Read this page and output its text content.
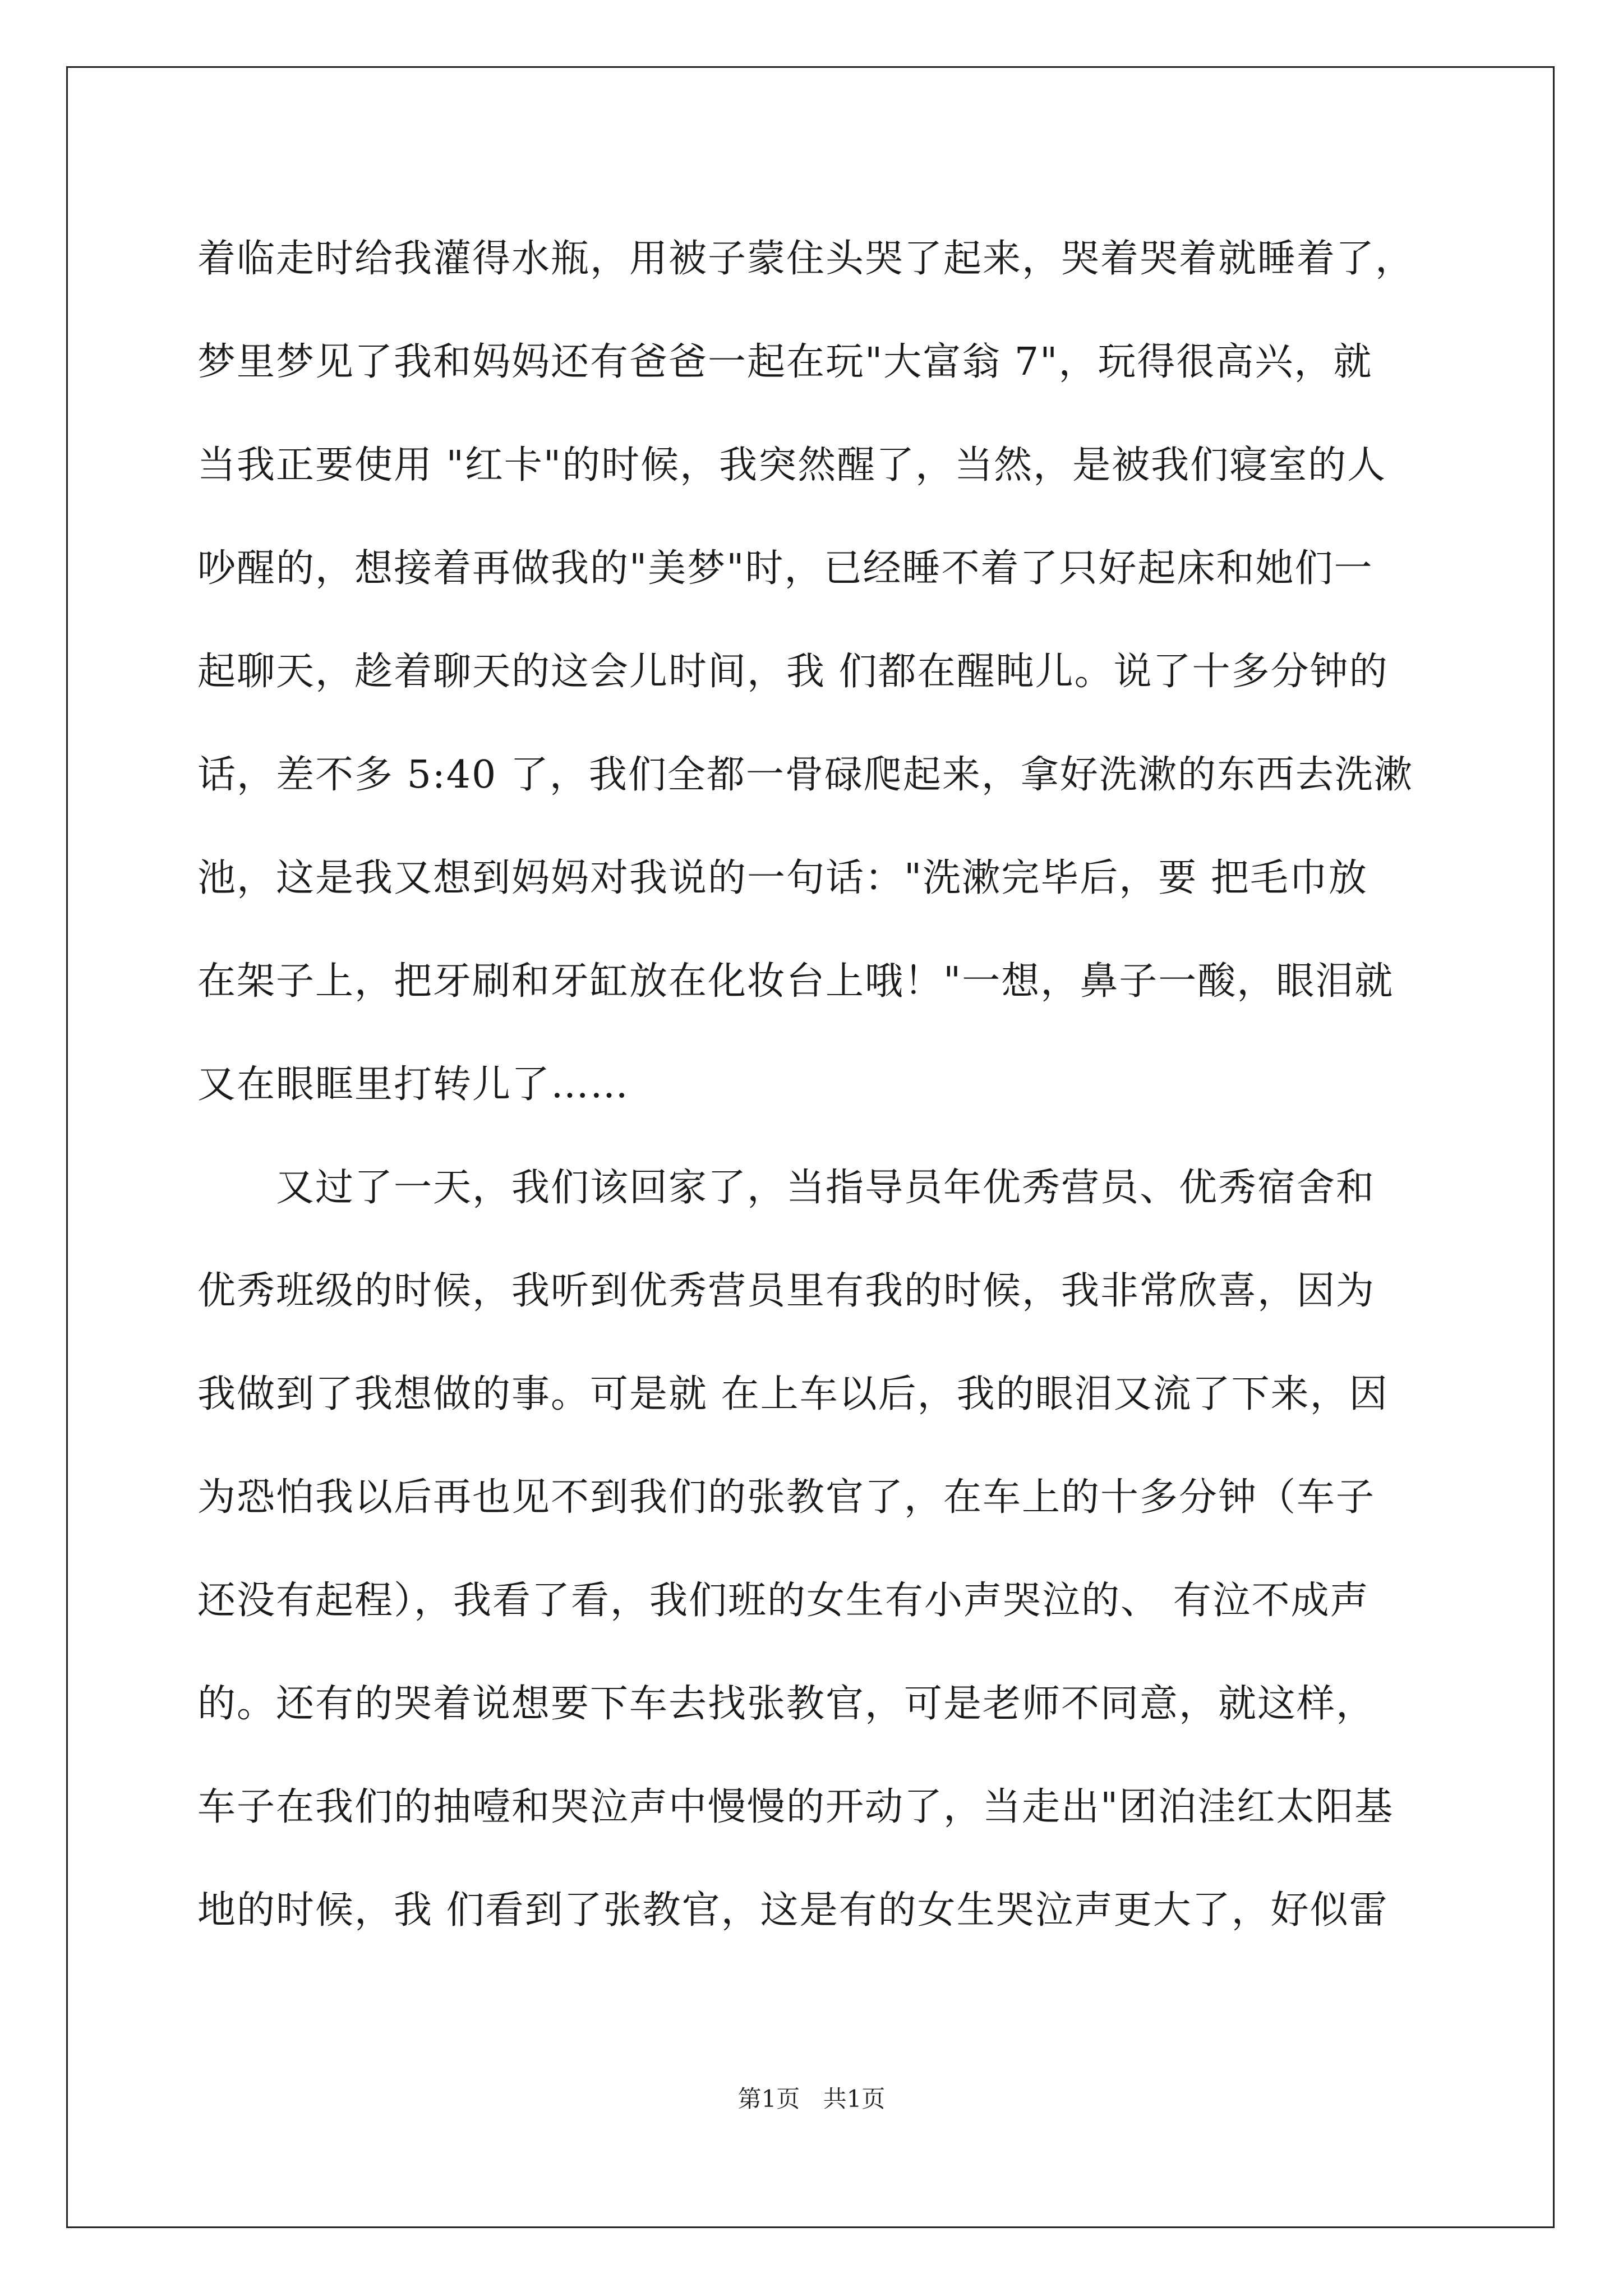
着临走时给我灌得水瓶，用被子蒙住头哭了起来，哭着哭着就睡着了，
梦里梦见了我和妈妈还有爸爸一起在玩"大富翁 7"，玩得很高兴，就
当我正要使用 "红卡"的时候，我突然醒了，当然，是被我们寝室的人
吵醒的，想接着再做我的"美梦"时，已经睡不着了只好起床和她们一
起聊天，趁着聊天的这会儿时间，我 们都在醒盹儿。说了十多分钟的
话，差不多 5:40 了，我们全都一骨碌爬起来，拿好洗漱的东西去洗漱
池，这是我又想到妈妈对我说的一句话："洗漱完毕后，要 把毛巾放
在架子上，把牙刷和牙缸放在化妆台上哦！"一想，鼻子一酸，眼泪就
又在眼眶里打转儿了……
又过了一天，我们该回家了，当指导员年优秀营员、优秀宿舍和
优秀班级的时候，我听到优秀营员里有我的时候，我非常欣喜，因为
我做到了我想做的事。可是就 在上车以后，我的眼泪又流了下来，因
为恐怕我以后再也见不到我们的张教官了，在车上的十多分钟（车子
还没有起程），我看了看，我们班的女生有小声哭泣的、 有泣不成声
的。还有的哭着说想要下车去找张教官，可是老师不同意，就这样，
车子在我们的抽噎和哭泣声中慢慢的开动了，当走出"团泊洼红太阳基
地的时候，我 们看到了张教官，这是有的女生哭泣声更大了，好似雷
第1页 共1页
